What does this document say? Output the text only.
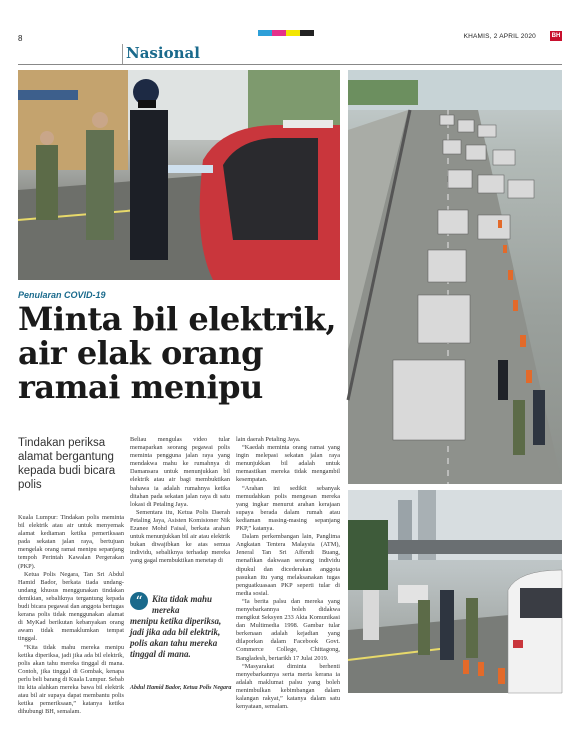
8	KHAMIS, 2 APRIL 2020	BH
Nasional
Penularan COVID-19
Minta bil elektrik, air elak orang ramai menipu
Tindakan periksa alamat bergantung kepada budi bicara polis

Kuala Lumpur: Tindakan polis meminta bil elektrik atau air untuk menyemak alamat kediaman ketika pemeriksaan pada sekatan jalan raya, bertujuan mengelak orang ramai menipu sepanjang tempoh Perintah Kawalan Pergerakan (PKP).

Ketua Polis Negara, Tan Sri Abdul Hamid Bador, berkata tiada undang-undang khusus menggunakan tindakan demikian, sebaliknya tergantung kepada budi bicara pegawai dan anggota bertugas kerana polis tidak menggunakan alamat di MyKad berikutan kebanyakan orang awam tidak memaklumkan tempat tinggal.

“Kita tidak mahu mereka menipu ketika diperiksa, jadi jika ada bil elektrik, polis akan tahu mereka tinggal di mana. Contoh, jika tinggal di Gombak, kenapa perlu beli barang di Kuala Lumpur. Sebab itu kita alahkan mereka bawa bil elektrik atau bil air supaya dapat membantu polis ketika pemeriksaan,” katanya ketika dihubungi BH, semalam.

Beliau mengulas video tular memaparkan seorang pegawai polis meminta pengguna jalan raya yang mendakwa mahu ke rumahnya di Damansara untuk menunjukkan bil elektrik atau air bagi membuktikan bahawa ia adalah rumahnya ketika ditahan pada sekatan jalan raya di satu lokasi di Petaling Jaya.

Sementara itu, Ketua Polis Daerah Petaling Jaya, Asisten Komisioner Nik Ezanee Mohd Faisal, berkata arahan untuk menunjukkan bil air atau elektrik bukan diwajibkan ke atas semua individu, sebaliknya terhadap mereka yang gagal membuktikan menetap di

lain daerah Petaling Jaya.

“Kaedah meminta orang ramai yang ingin melepasi sekatan jalan raya menunjukkan bil adalah untuk memastikan mereka tidak mengambil kesempatan.

“Arahan ini sedikit sebanyak memudahkan polis mengesan mereka yang ingkar menurut arahan kerajaan supaya berada dalam rumah atau kediaman masing-masing sepanjang PKP,” katanya.

Dalam perkembangan lain, Panglima Angkatan Tentera Malaysia (ATM), Jeneral Tan Sri Affendi Buang, menafikan dakwaan seorang individu dipukul dan dicederakan anggota pasukan itu yang melaksanakan tugas penguatkuasaan PKP seperti tular di media sosial.

“Ia berita palsu dan mereka yang menyebarkannya boleh didakwa mengikut Seksyen 233 Akta Komunikasi dan Multimedia 1998. Gambar tular berkenaan adalah kejadian yang dilaporkan dalam Facebook Govt. Commerce College, Chittagong, Bangladesh, bertarikh 17 Julai 2019.

“Masyarakat diminta berhenti menyebarkannya serta merta kerana ia adalah maklumat palsu yang boleh menimbulkan kebimbangan dalam kalangan rakyat,” katanya dalam satu kenyataan, semalam.

“	Kita tidak mahu mereka
menipu ketika diperiksa, jadi jika ada bil elektrik, polis akan tahu mereka tinggal di mana.
Abdul Hamid Bador, Ketua Polis Negara
